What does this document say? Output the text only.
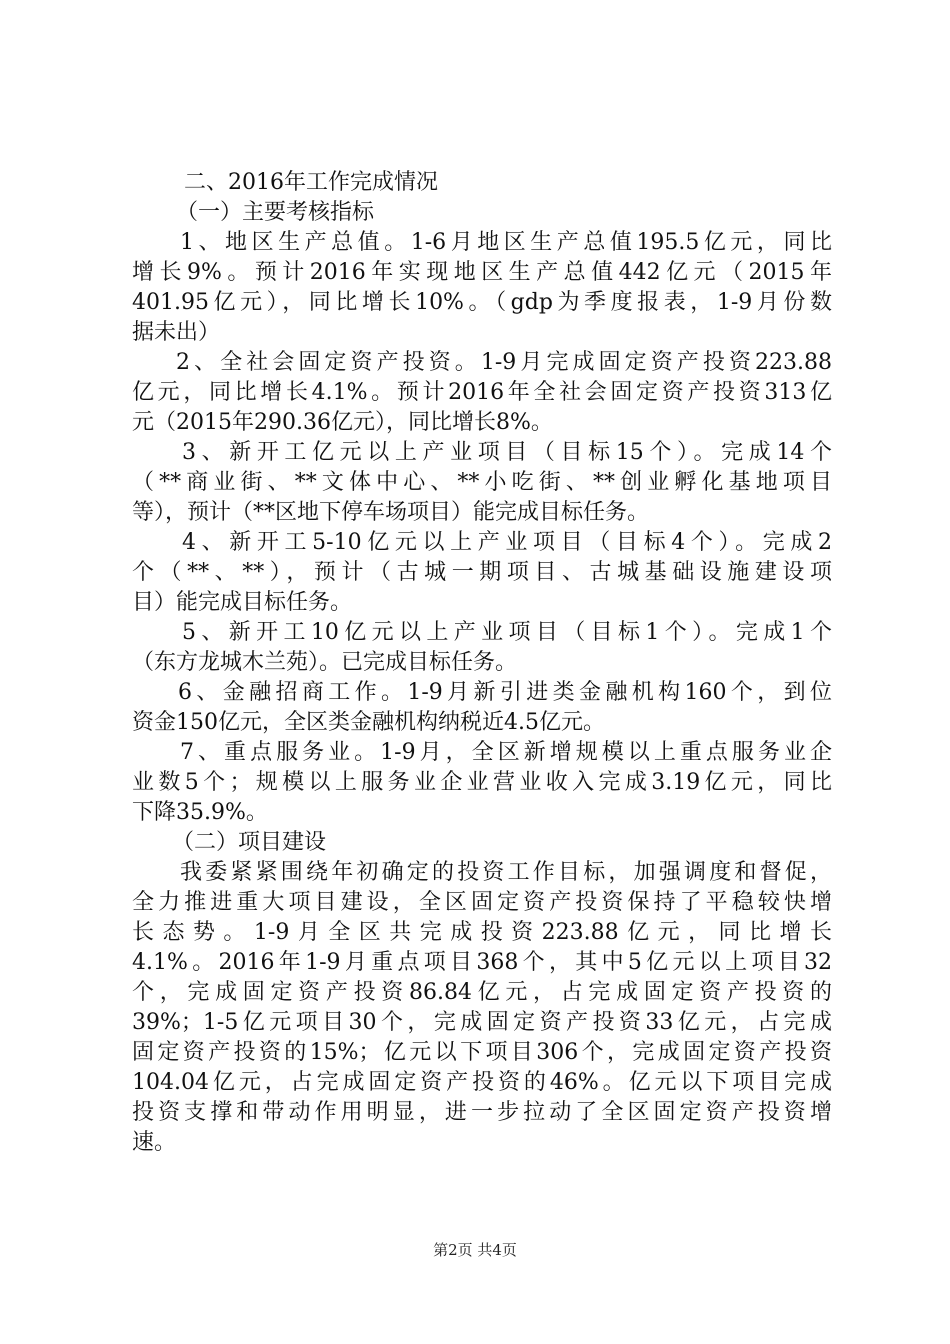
二、2016年工作完成情况
（一）主要考核指标
1、地区生产总值。1-6月地区生产总值195.5亿元，同比
增长9%。预计2016年实现地区生产总值442亿元（2015年
401.95亿元），同比增长10%。（gdp为季度报表，1-9月份数
据未出）
2、全社会固定资产投资。1-9月完成固定资产投资223.88
亿元，同比增长4.1%。预计2016年全社会固定资产投资313亿
元（2015年290.36亿元），同比增长8%。
3、新开工亿元以上产业项目（目标15个）。完成14个
（**商业街、**文体中心、**小吃街、**创业孵化基地项目
等），预计（**区地下停车场项目）能完成目标任务。
4、新开工5-10亿元以上产业项目（目标4个）。完成2
个（**、**），预计（古城一期项目、古城基础设施建设项
目）能完成目标任务。
5、新开工10亿元以上产业项目（目标1个）。完成1个
（东方龙城木兰苑）。已完成目标任务。
6、金融招商工作。1-9月新引进类金融机构160个，到位
资金150亿元，全区类金融机构纳税近4.5亿元。
7、重点服务业。1-9月，全区新增规模以上重点服务业企
业数5个；规模以上服务业企业营业收入完成3.19亿元，同比
下降35.9%。
（二）项目建设
我委紧紧围绕年初确定的投资工作目标，加强调度和督促，
全力推进重大项目建设，全区固定资产投资保持了平稳较快增
长态势。1-9月全区共完成投资223.88亿元，同比增长
4.1%。2016年1-9月重点项目368个，其中5亿元以上项目32
个，完成固定资产投资86.84亿元，占完成固定资产投资的
39%；1-5亿元项目30个，完成固定资产投资33亿元，占完成
固定资产投资的15%；亿元以下项目306个，完成固定资产投资
104.04亿元，占完成固定资产投资的46%。亿元以下项目完成
投资支撑和带动作用明显，进一步拉动了全区固定资产投资增
速。
第2页 共4页
